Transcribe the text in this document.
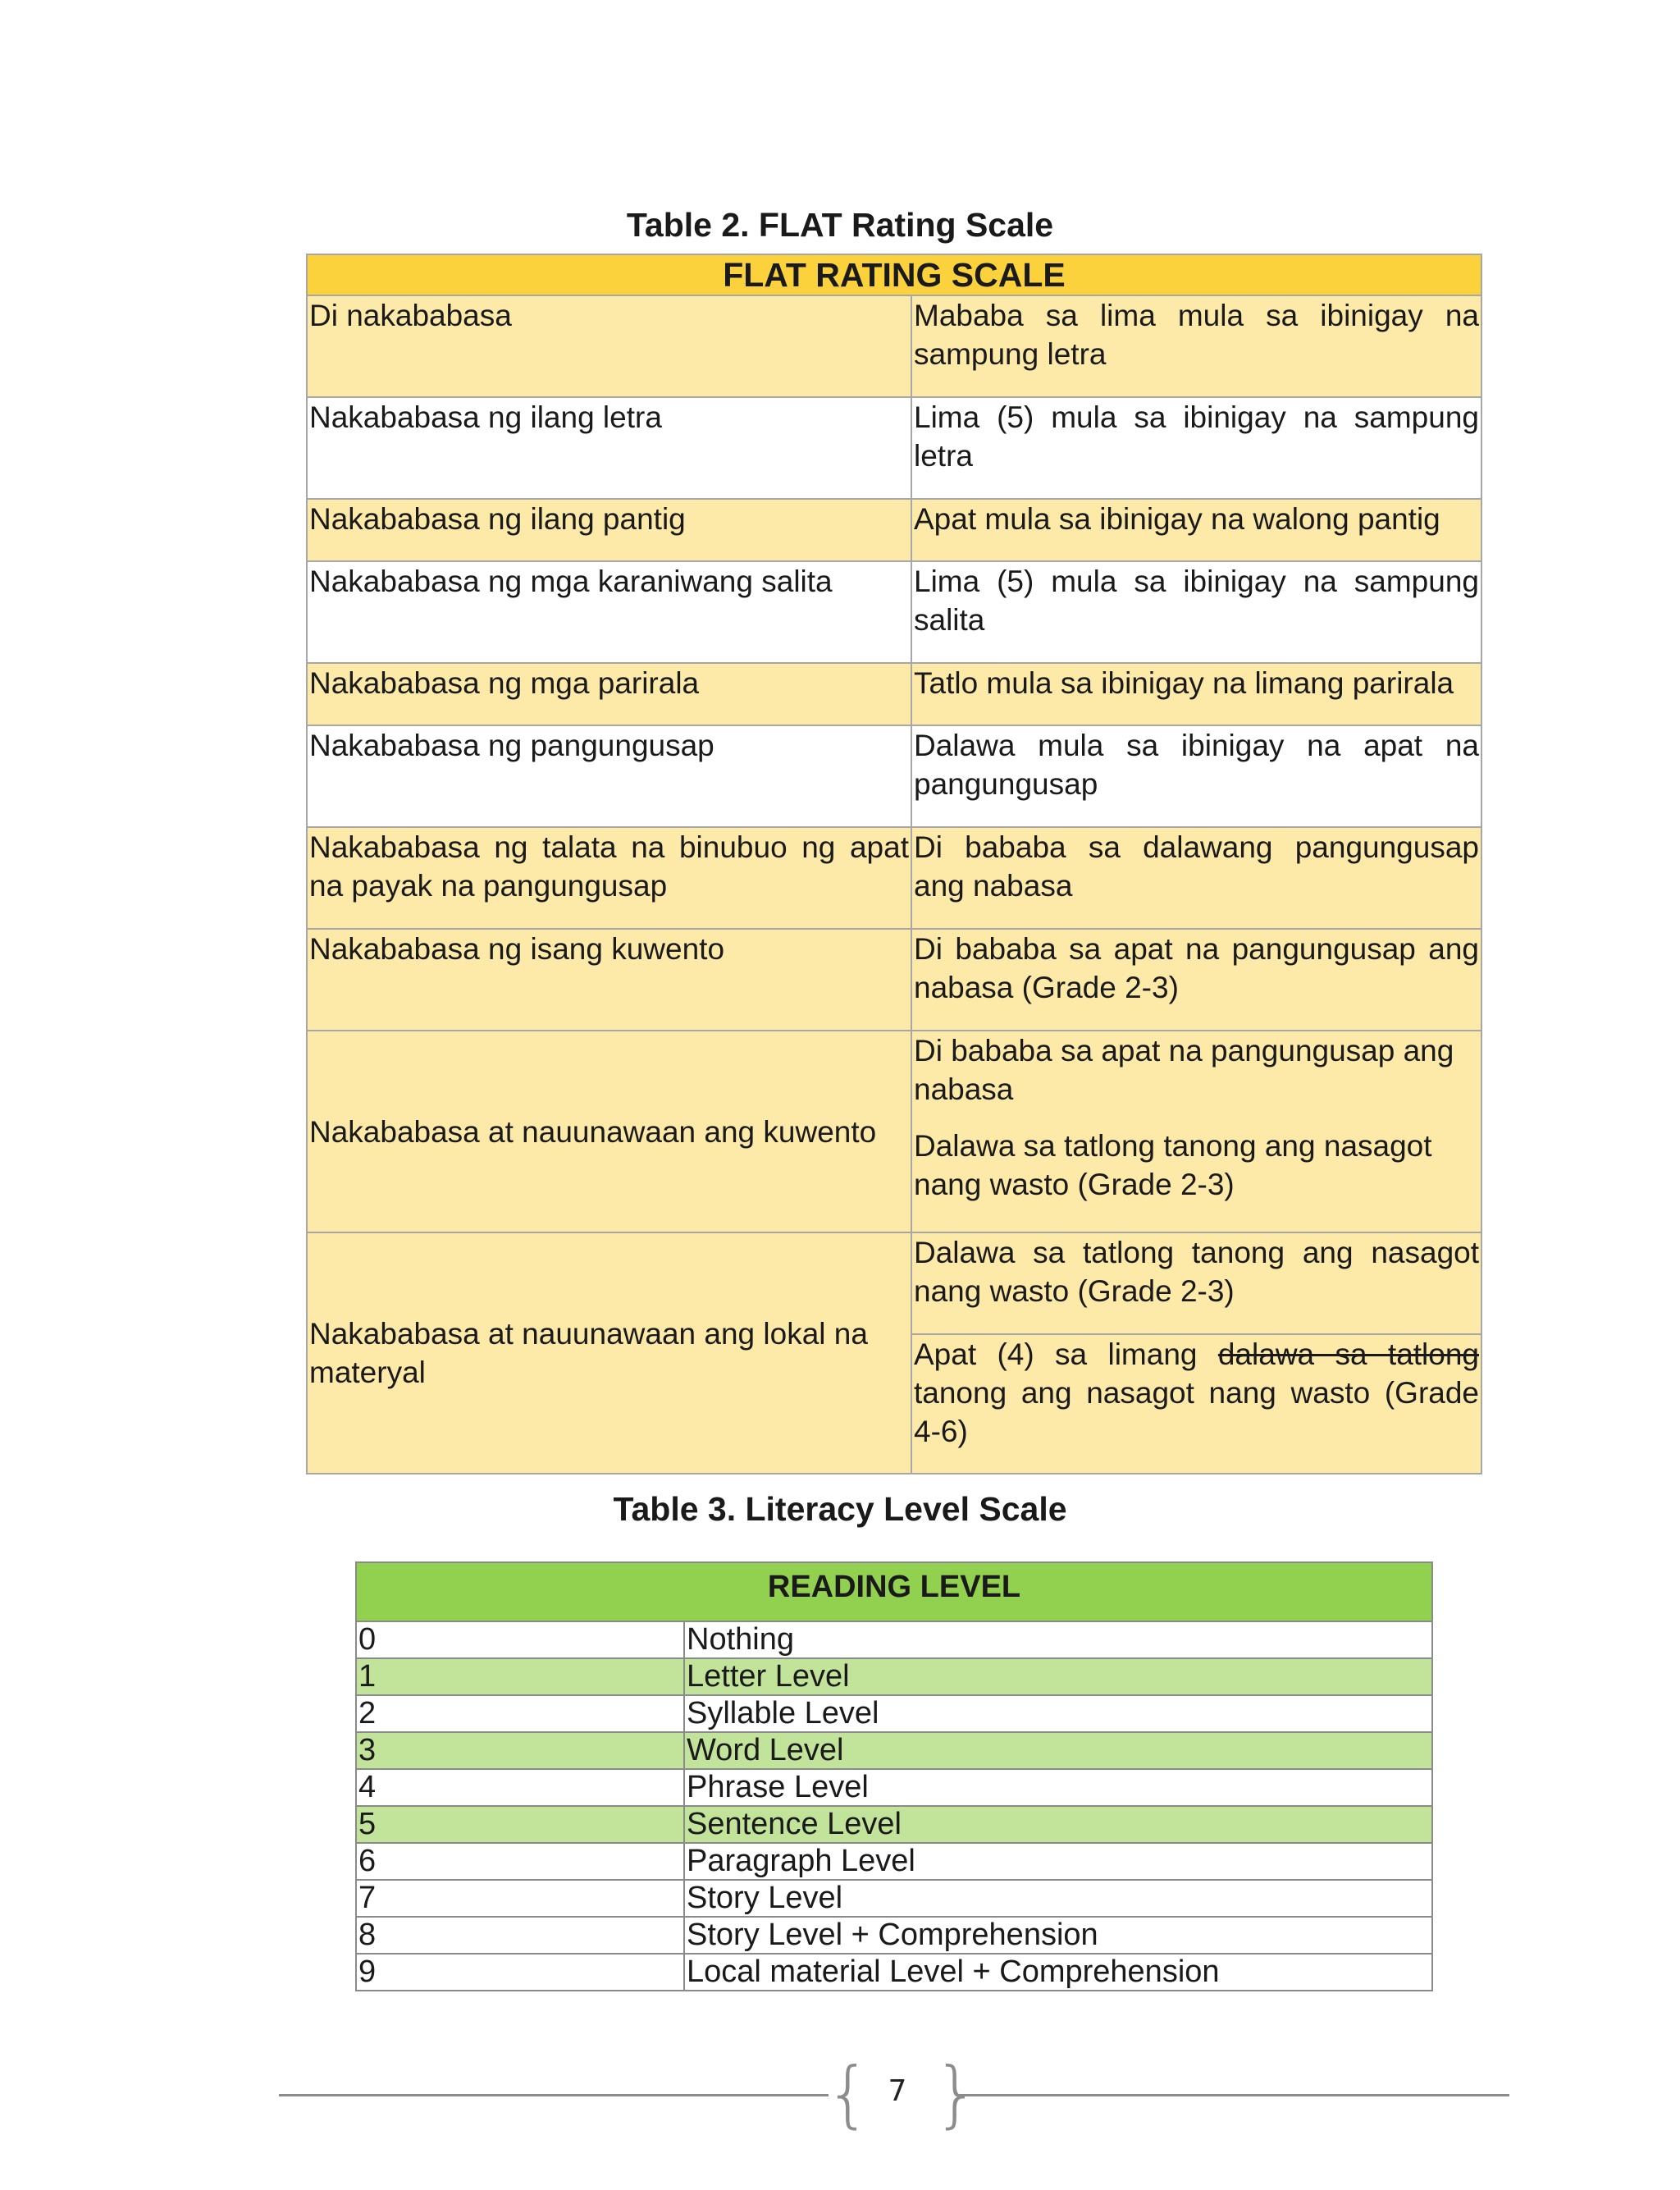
Table 2. FLAT Rating Scale
FLAT RATING SCALE	
Di nakababasa	Mababa sa lima mula sa ibinigay na sampung letra
Nakababasa ng ilang letra	Lima (5) mula sa ibinigay na sampung letra
Nakababasa ng ilang pantig	Apat mula sa ibinigay na walong pantig
Nakababasa ng mga karaniwang salita	Lima (5) mula sa ibinigay na sampung salita
Nakababasa ng mga parirala	Tatlo mula sa ibinigay na limang parirala
Nakababasa ng pangungusap	Dalawa mula sa ibinigay na apat na pangungusap
Nakababasa ng talata na binubuo ng apat na payak na pangungusap	Di bababa sa dalawang pangungusap ang nabasa
Nakababasa ng isang kuwento	Di bababa sa apat na pangungusap ang nabasa (Grade 2-3)
Nakababasa at nauunawaan ang kuwento	Di bababa sa apat na pangungusap ang nabasa
Dalawa sa tatlong tanong ang nasagot nang wasto (Grade 2-3)

Nakababasa at nauunawaan ang lokal na materyal	Dalawa sa tatlong tanong ang nasagot nang wasto (Grade 2-3)
	Apat (4) sa limang dalawa sa tatlong tanong ang nasagot nang wasto (Grade 4-6)
Table 3. Literacy Level Scale
READING LEVEL	
0	Nothing
1	Letter Level
2	Syllable Level
3	Word Level
4	Phrase Level
5	Sentence Level
6	Paragraph Level
7	Story Level
8	Story Level + Comprehension
9	Local material Level + Comprehension
{ }
7
